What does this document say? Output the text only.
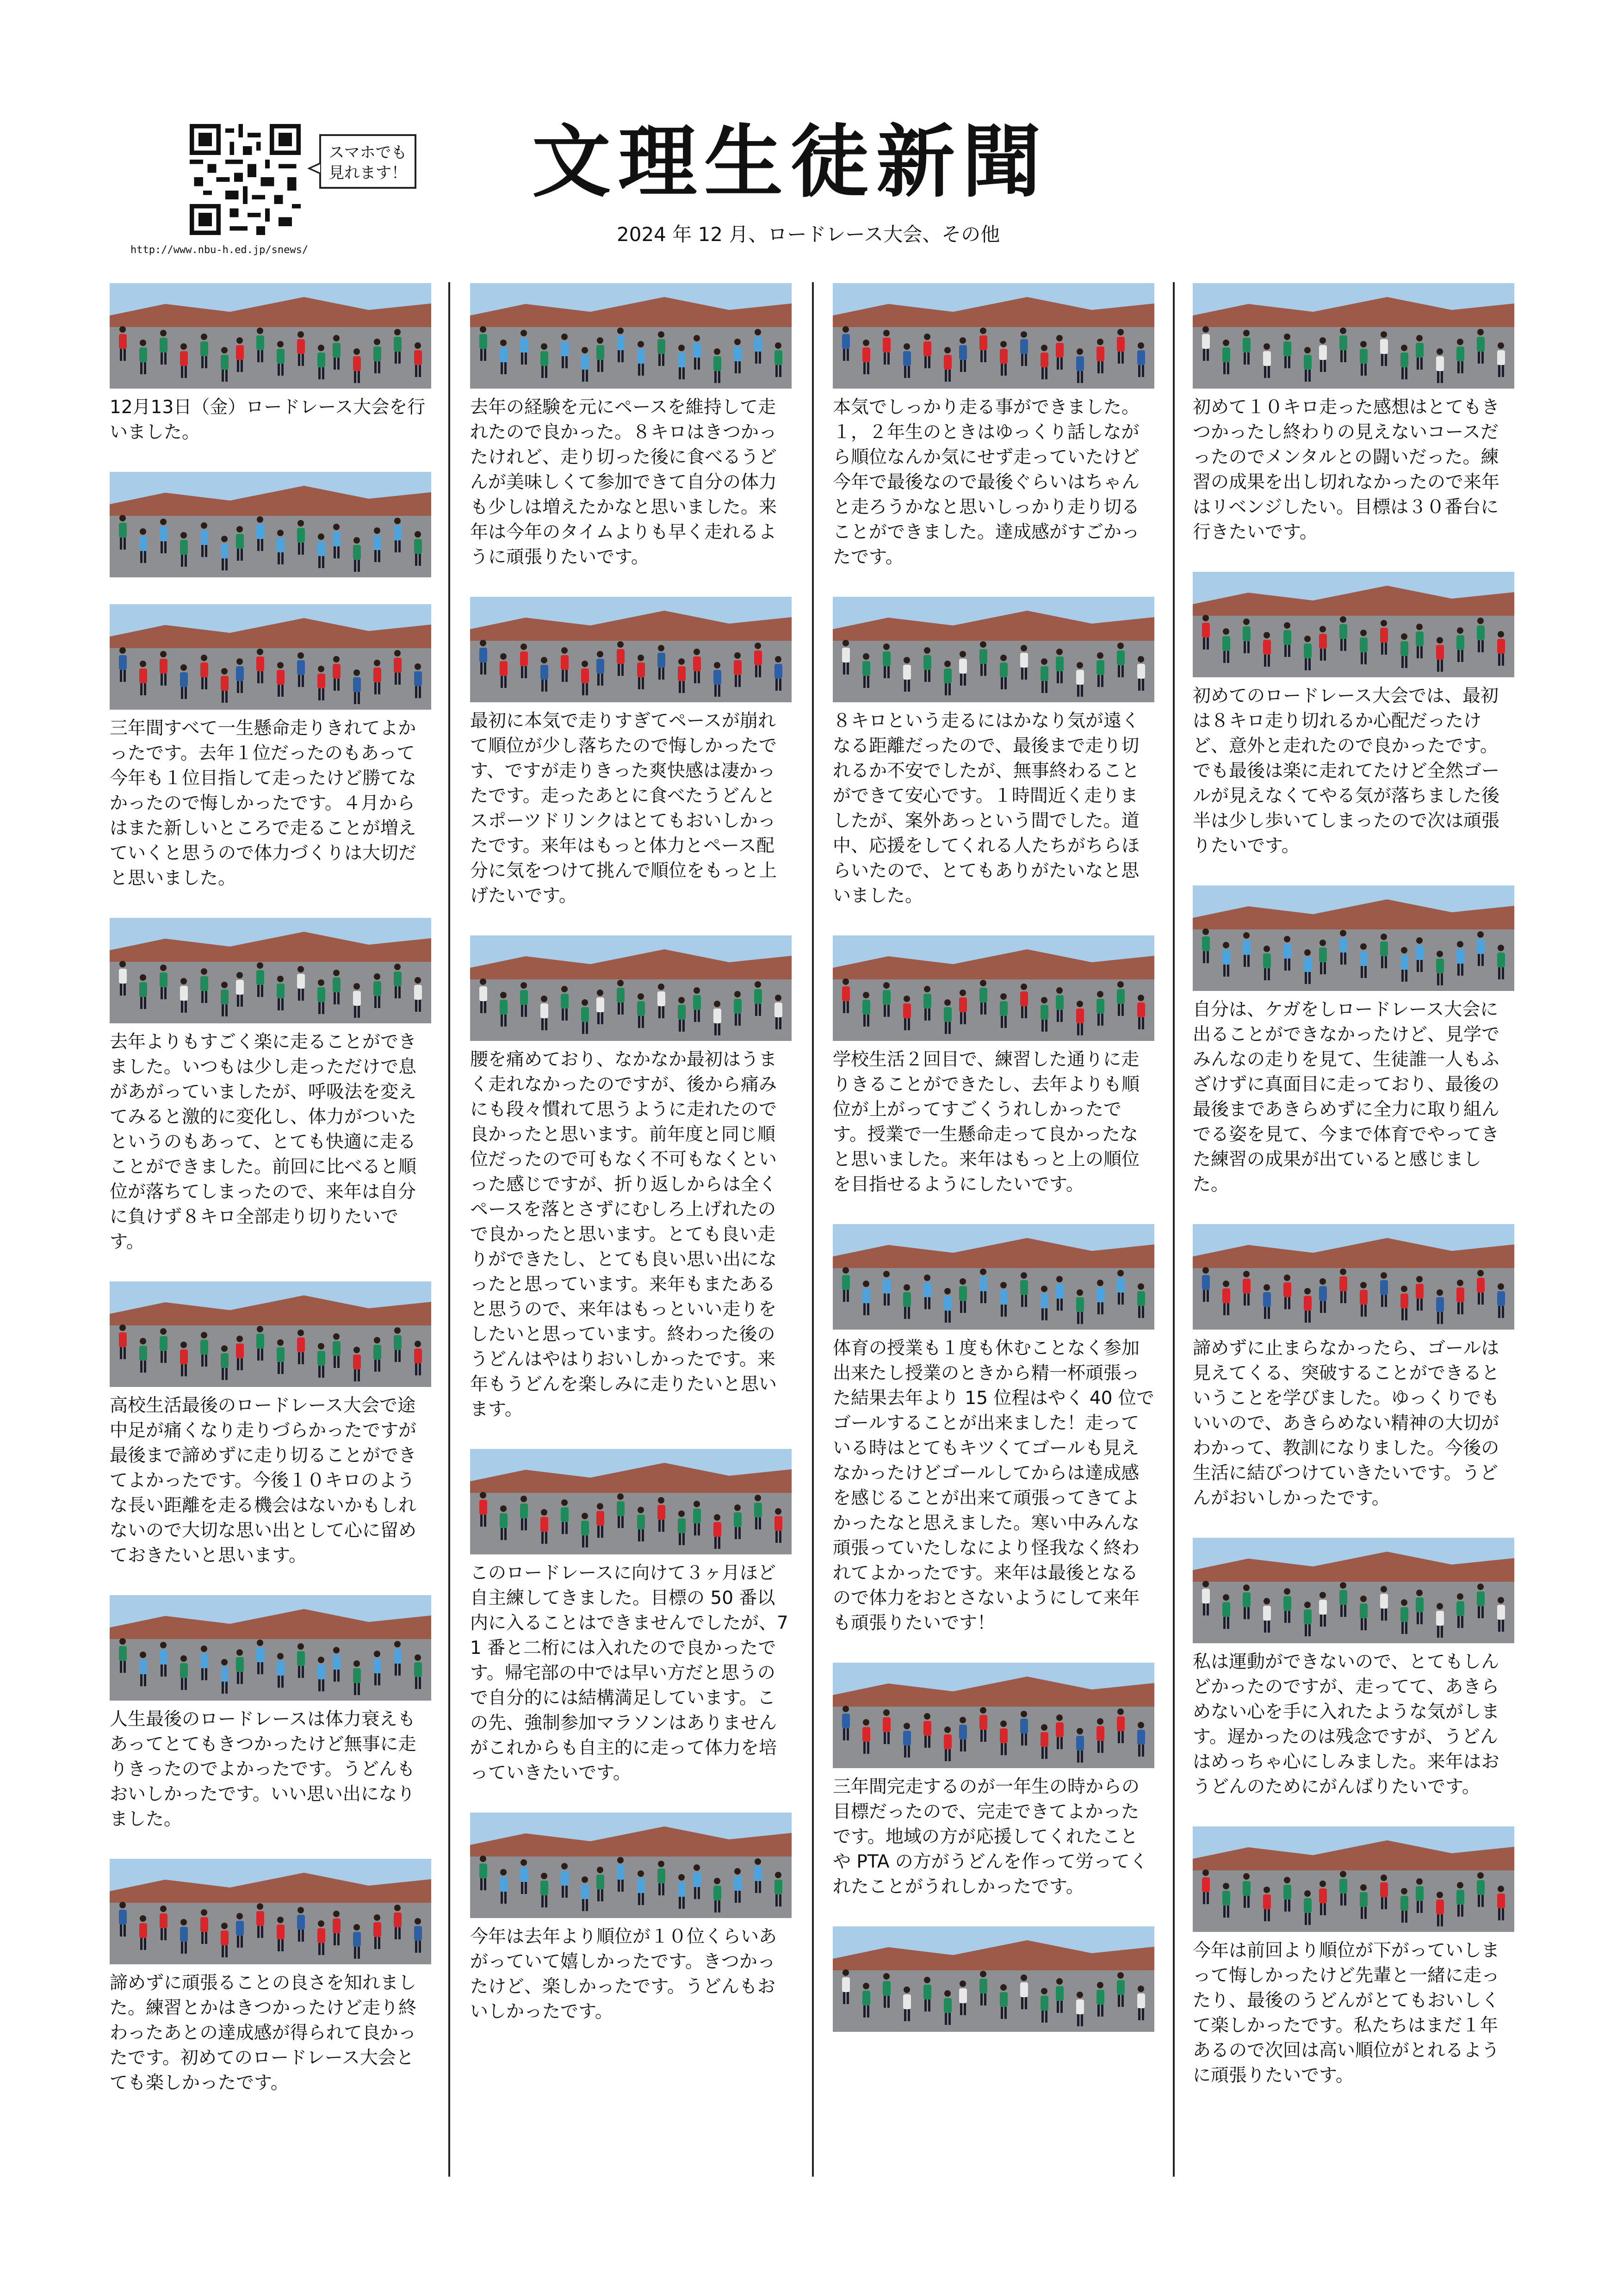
スマホでも 見れます！
http://www.nbu-h.ed.jp/snews/
文理生徒新聞
2024 年 12 月、ロードレース大会、その他

12月13日（金）ロードレース大会を行いました。

三年間すべて一生懸命走りきれてよかったです。去年１位だったのもあって今年も１位目指して走ったけど勝てなかったので悔しかったです。４月からはまた新しいところで走ることが増えていくと思うので体力づくりは大切だと思いました。

去年よりもすごく楽に走ることができました。いつもは少し走っただけで息があがっていましたが、呼吸法を変えてみると激的に変化し、体力がついたというのもあって、とても快適に走ることができました。前回に比べると順位が落ちてしまったので、来年は自分に負けず８キロ全部走り切りたいです。

高校生活最後のロードレース大会で途中足が痛くなり走りづらかったですが最後まで諦めずに走り切ることができてよかったです。今後１０キロのような長い距離を走る機会はないかもしれないので大切な思い出として心に留めておきたいと思います。

人生最後のロードレースは体力衰えもあってとてもきつかったけど無事に走りきったのでよかったです。うどんもおいしかったです。いい思い出になりました。

諦めずに頑張ることの良さを知れました。練習とかはきつかったけど走り終わったあとの達成感が得られて良かったです。初めてのロードレース大会とても楽しかったです。

去年の経験を元にペースを維持して走れたので良かった。８キロはきつかったけれど、走り切った後に食べるうどんが美味しくて参加できて自分の体力も少しは増えたかなと思いました。来年は今年のタイムよりも早く走れるように頑張りたいです。

最初に本気で走りすぎてペースが崩れて順位が少し落ちたので悔しかったです、ですが走りきった爽快感は凄かったです。走ったあとに食べたうどんとスポーツドリンクはとてもおいしかったです。来年はもっと体力とペース配分に気をつけて挑んで順位をもっと上げたいです。

腰を痛めており、なかなか最初はうまく走れなかったのですが、後から痛みにも段々慣れて思うように走れたので良かったと思います。前年度と同じ順位だったので可もなく不可もなくといった感じですが、折り返しからは全くペースを落とさずにむしろ上げれたので良かったと思います。とても良い走りができたし、とても良い思い出になったと思っています。来年もまたあると思うので、来年はもっといい走りをしたいと思っています。終わった後のうどんはやはりおいしかったです。来年もうどんを楽しみに走りたいと思います。

このロードレースに向けて３ヶ月ほど自主練してきました。目標の 50 番以内に入ることはできませんでしたが、71 番と二桁には入れたので良かったです。帰宅部の中では早い方だと思うので自分的には結構満足しています。この先、強制参加マラソンはありませんがこれからも自主的に走って体力を培っていきたいです。

今年は去年より順位が１０位くらいあがっていて嬉しかったです。きつかったけど、楽しかったです。うどんもおいしかったです。

本気でしっかり走る事ができました。１，２年生のときはゆっくり話しながら順位なんか気にせず走っていたけど今年で最後なので最後ぐらいはちゃんと走ろうかなと思いしっかり走り切ることができました。達成感がすごかったです。

８キロという走るにはかなり気が遠くなる距離だったので、最後まで走り切れるか不安でしたが、無事終わることができて安心です。１時間近く走りましたが、案外あっという間でした。道中、応援をしてくれる人たちがちらほらいたので、とてもありがたいなと思いました。

学校生活２回目で、練習した通りに走りきることができたし、去年よりも順位が上がってすごくうれしかったです。授業で一生懸命走って良かったなと思いました。来年はもっと上の順位を目指せるようにしたいです。

体育の授業も１度も休むことなく参加出来たし授業のときから精一杯頑張った結果去年より 15 位程はやく 40 位でゴールすることが出来ました！走っている時はとてもキツくてゴールも見えなかったけどゴールしてからは達成感を感じることが出来て頑張ってきてよかったなと思えました。寒い中みんな頑張っていたしなにより怪我なく終われてよかったです。来年は最後となるので体力をおとさないようにして来年も頑張りたいです！

三年間完走するのが一年生の時からの目標だったので、完走できてよかったです。地域の方が応援してくれたことや PTA の方がうどんを作って労ってくれたことがうれしかったです。

初めて１０キロ走った感想はとてもきつかったし終わりの見えないコースだったのでメンタルとの闘いだった。練習の成果を出し切れなかったので来年はリベンジしたい。目標は３０番台に行きたいです。

初めてのロードレース大会では、最初は８キロ走り切れるか心配だったけど、意外と走れたので良かったです。でも最後は楽に走れてたけど全然ゴールが見えなくてやる気が落ちました後半は少し歩いてしまったので次は頑張りたいです。

自分は、ケガをしロードレース大会に出ることができなかったけど、見学でみんなの走りを見て、生徒誰一人もふざけずに真面目に走っており、最後の最後まであきらめずに全力に取り組んでる姿を見て、今まで体育でやってきた練習の成果が出ていると感じました。

諦めずに止まらなかったら、ゴールは見えてくる、突破することができるということを学びました。ゆっくりでもいいので、あきらめない精神の大切がわかって、教訓になりました。今後の生活に結びつけていきたいです。うどんがおいしかったです。

私は運動ができないので、とてもしんどかったのですが、走ってて、あきらめない心を手に入れたような気がします。遅かったのは残念ですが、うどんはめっちゃ心にしみました。来年はおうどんのためにがんばりたいです。

今年は前回より順位が下がっていしまって悔しかったけど先輩と一緒に走ったり、最後のうどんがとてもおいしくて楽しかったです。私たちはまだ１年あるので次回は高い順位がとれるように頑張りたいです。
